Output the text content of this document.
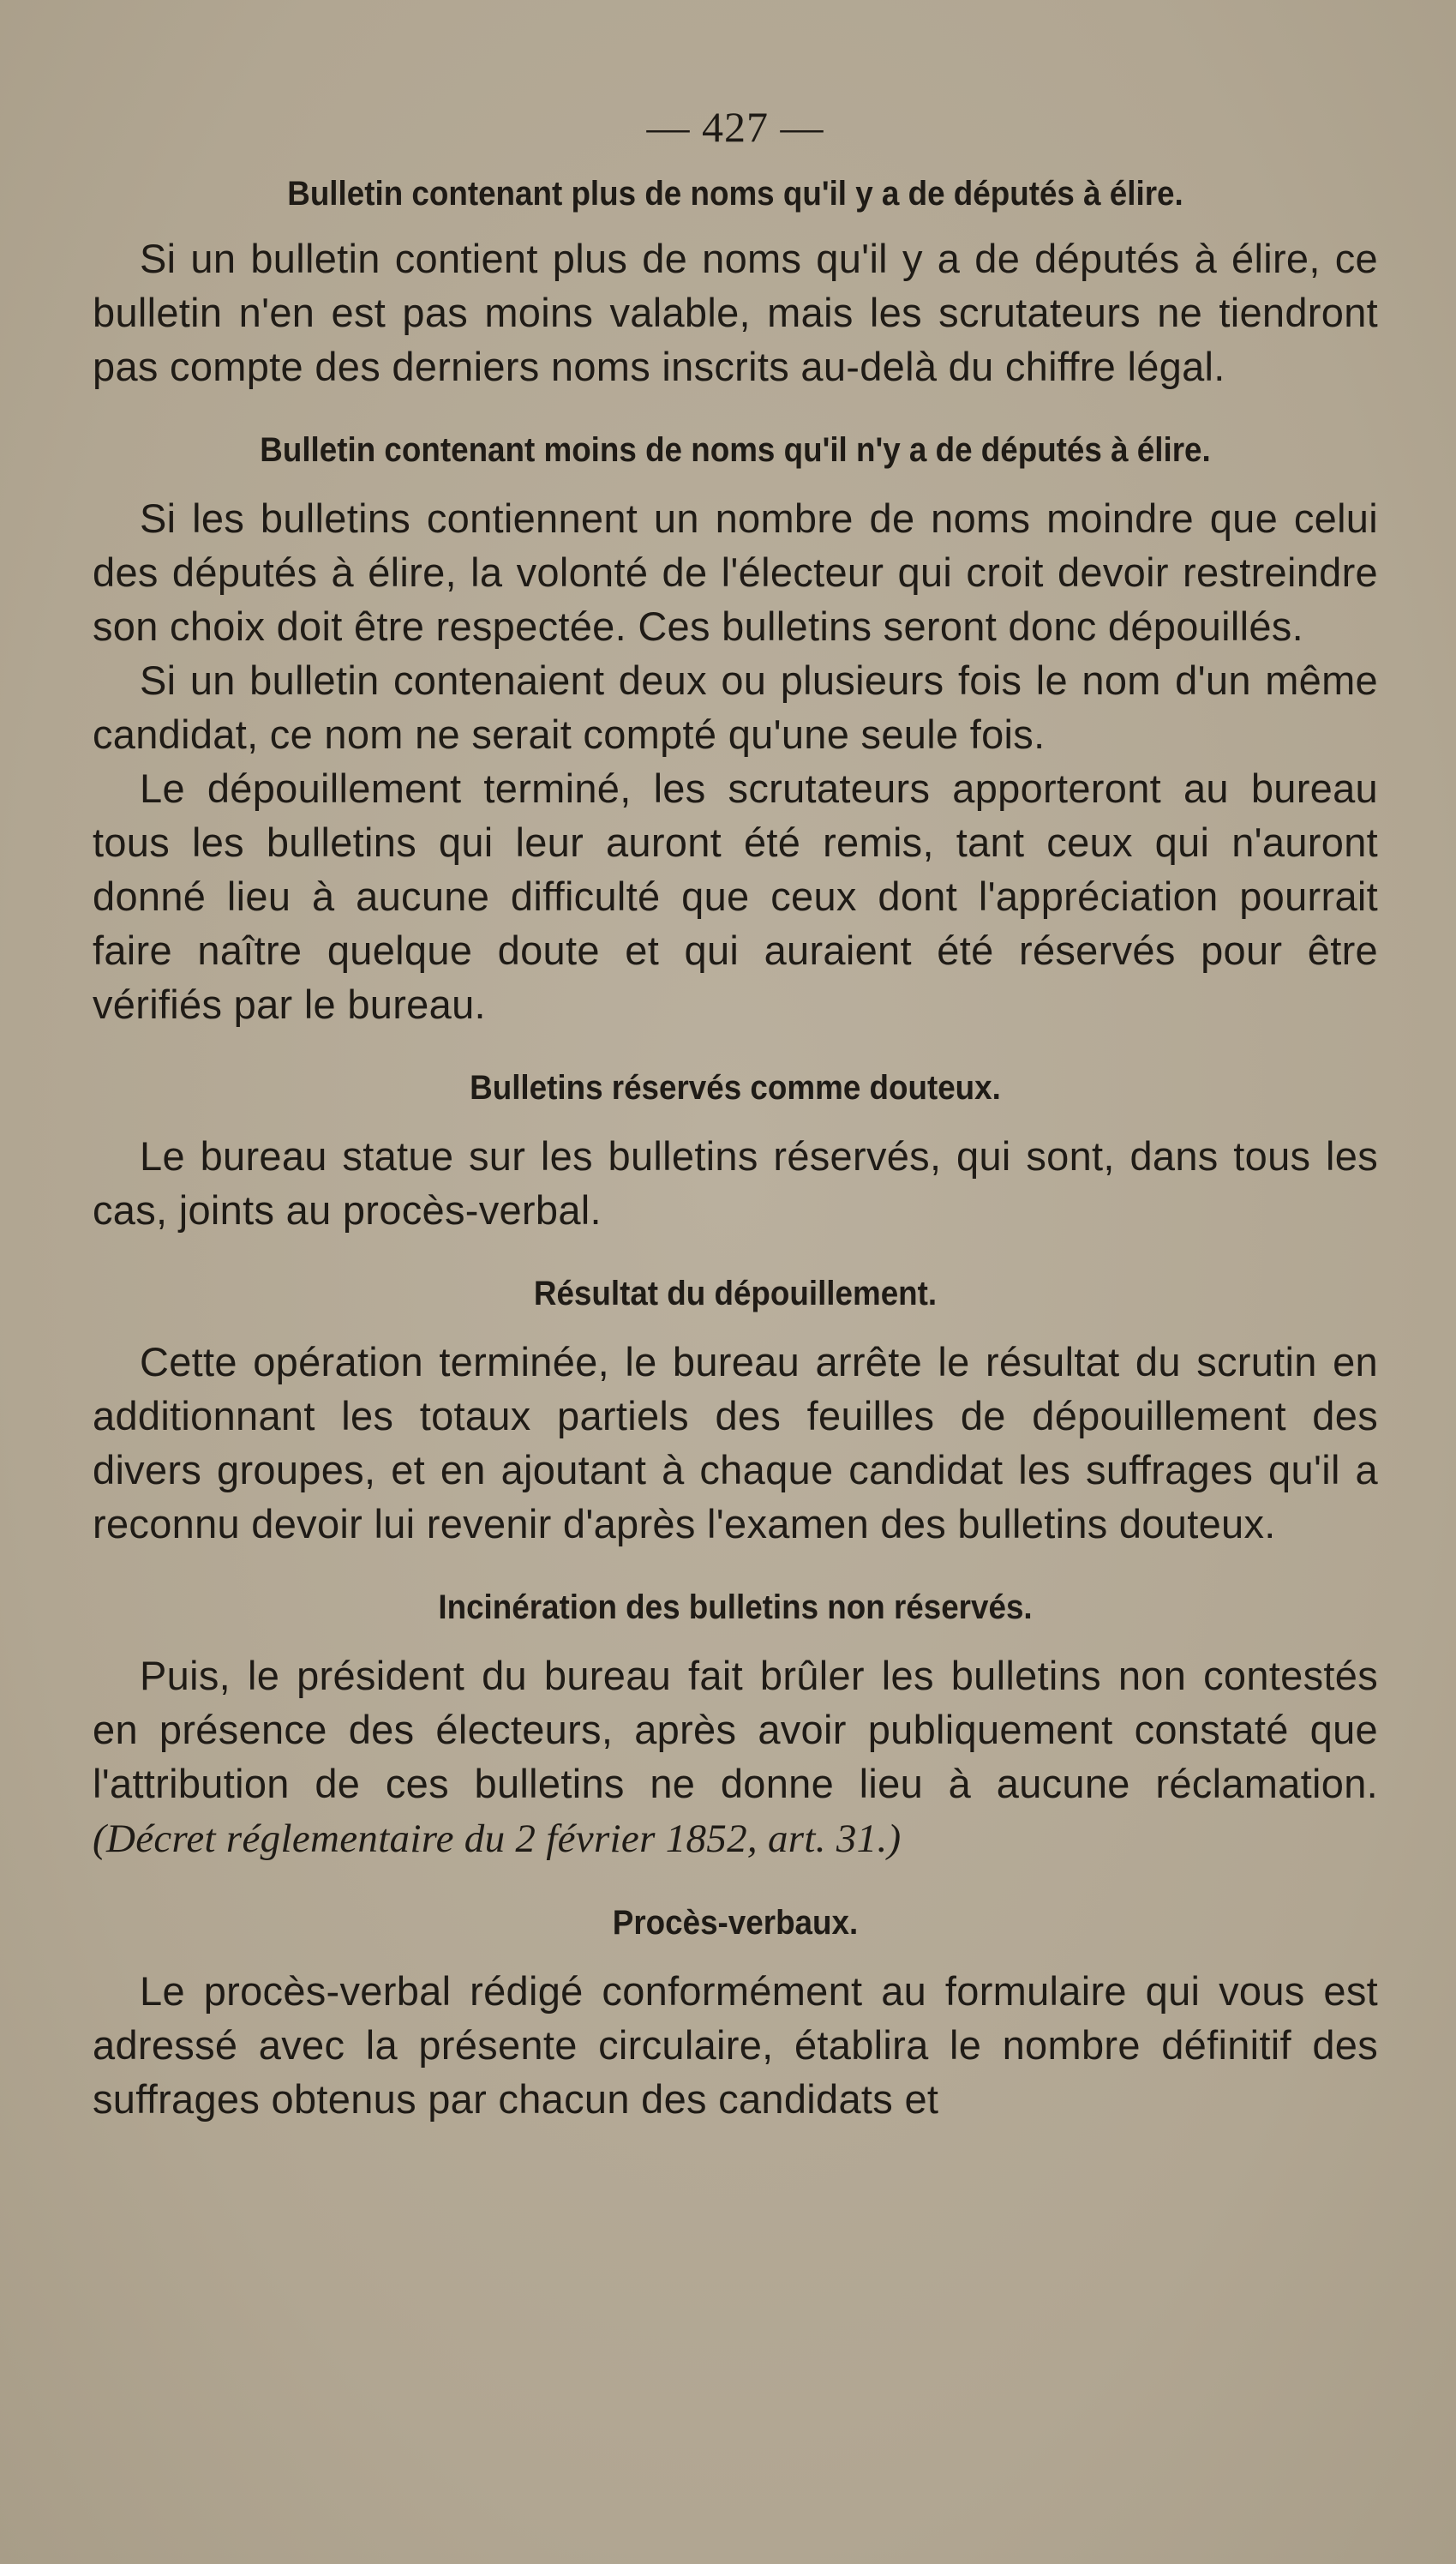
— 427 —
Bulletin contenant plus de noms qu'il y a de députés à élire.

Si un bulletin contient plus de noms qu'il y a de députés à élire, ce bulletin n'en est pas moins valable, mais les scrutateurs ne tiendront pas compte des derniers noms inscrits au-delà du chiffre légal.

Bulletin contenant moins de noms qu'il n'y a de députés à élire.

Si les bulletins contiennent un nombre de noms moindre que celui des députés à élire, la volonté de l'électeur qui croit devoir restreindre son choix doit être respectée. Ces bulletins seront donc dépouillés.

Si un bulletin contenaient deux ou plusieurs fois le nom d'un même candidat, ce nom ne serait compté qu'une seule fois.

Le dépouillement terminé, les scrutateurs apporteront au bureau tous les bulletins qui leur auront été remis, tant ceux qui n'auront donné lieu à aucune difficulté que ceux dont l'appréciation pourrait faire naître quelque doute et qui auraient été réservés pour être vérifiés par le bureau.

Bulletins réservés comme douteux.

Le bureau statue sur les bulletins réservés, qui sont, dans tous les cas, joints au procès-verbal.

Résultat du dépouillement.

Cette opération terminée, le bureau arrête le résultat du scrutin en additionnant les totaux partiels des feuilles de dépouillement des divers groupes, et en ajoutant à chaque candidat les suffrages qu'il a reconnu devoir lui revenir d'après l'examen des bulletins douteux.

Incinération des bulletins non réservés.

Puis, le président du bureau fait brûler les bulletins non contestés en présence des électeurs, après avoir publiquement constaté que l'attribution de ces bulletins ne donne lieu à aucune réclamation. (Décret réglementaire du 2 février 1852, art. 31.)

Procès-verbaux.

Le procès-verbal rédigé conformément au formulaire qui vous est adressé avec la présente circulaire, établira le nombre définitif des suffrages obtenus par chacun des candidats et
